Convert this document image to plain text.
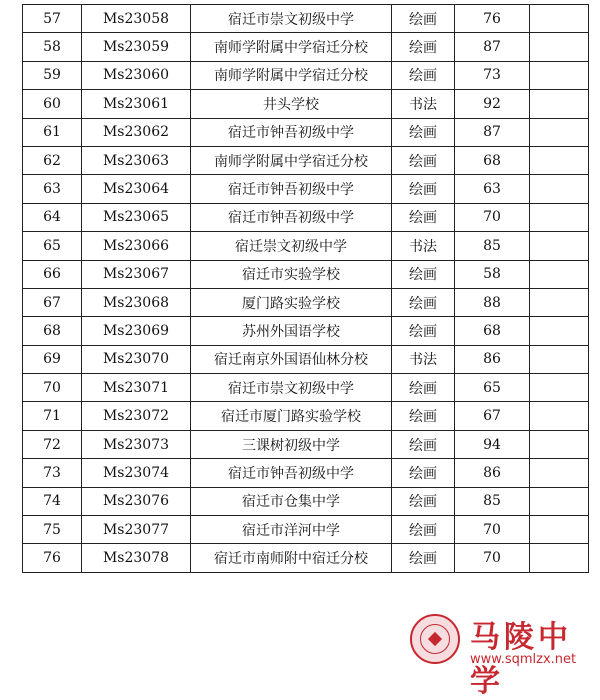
57	Ms23058	宿迁市崇文初级中学	绘画	76	
58	Ms23059	南师学附属中学宿迁分校	绘画	87	
59	Ms23060	南师学附属中学宿迁分校	绘画	73	
60	Ms23061	井头学校	书法	92	
61	Ms23062	宿迁市钟吾初级中学	绘画	87	
62	Ms23063	南师学附属中学宿迁分校	绘画	68	
63	Ms23064	宿迁市钟吾初级中学	绘画	63	
64	Ms23065	宿迁市钟吾初级中学	绘画	70	
65	Ms23066	宿迁崇文初级中学	书法	85	
66	Ms23067	宿迁市实验学校	绘画	58	
67	Ms23068	厦门路实验学校	绘画	88	
68	Ms23069	苏州外国语学校	绘画	68	
69	Ms23070	宿迁南京外国语仙林分校	书法	86	
70	Ms23071	宿迁市崇文初级中学	绘画	65	
71	Ms23072	宿迁市厦门路实验学校	绘画	67	
72	Ms23073	三课树初级中学	绘画	94	
73	Ms23074	宿迁市钟吾初级中学	绘画	86	
74	Ms23076	宿迁市仓集中学	绘画	85	
75	Ms23077	宿迁市洋河中学	绘画	70	
76	Ms23078	宿迁市南师附中宿迁分校	绘画	70	
马陵中学
www.sqmlzx.net
